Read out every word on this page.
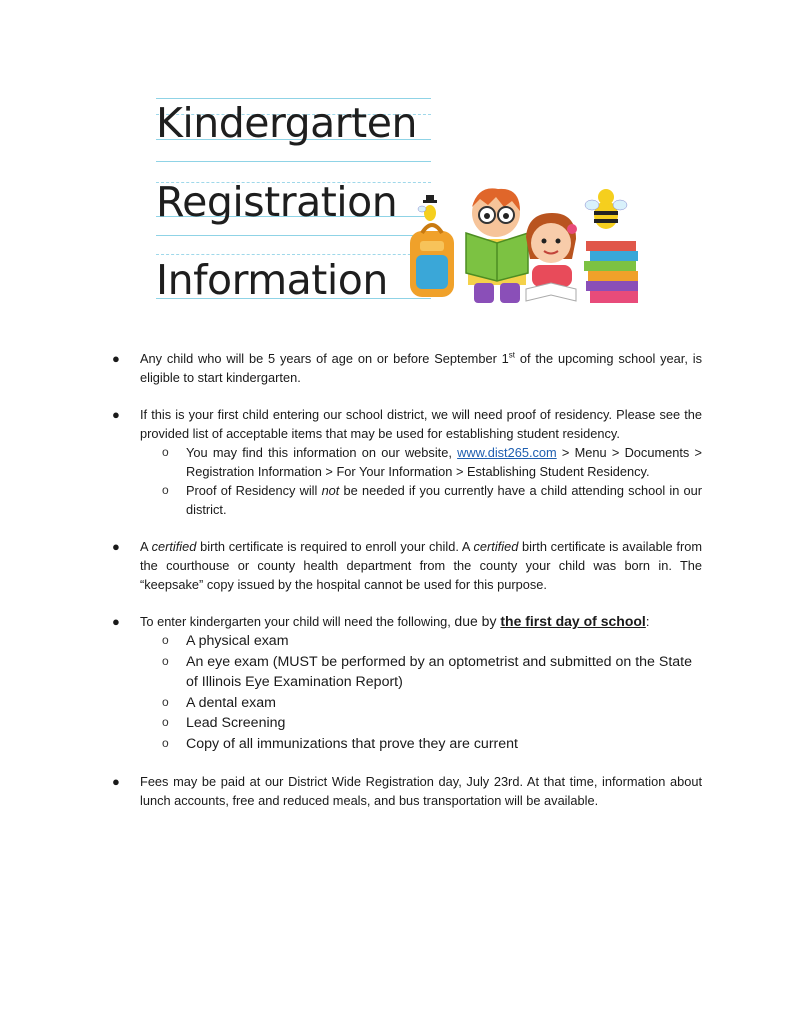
Kindergarten
Registration
Information
● Any child who will be 5 years of age on or before September 1st of the upcoming school year, is eligible to start kindergarten.

● If this is your first child entering our school district, we will need proof of residency. Please see the provided list of acceptable items that may be used for establishing student residency.

o You may find this information on our website, www.dist265.com > Menu > Documents > Registration Information > For Your Information > Establishing Student Residency.
o Proof of Residency will not be needed if you currently have a child attending school in our district.
● A certified birth certificate is required to enroll your child. A certified birth certificate is available from the courthouse or county health department from the county your child was born in. The “keepsake” copy issued by the hospital cannot be used for this purpose.

● To enter kindergarten your child will need the following, due by the first day of school:

o A physical exam
o An eye exam (MUST be performed by an optometrist and submitted on the State of Illinois Eye Examination Report)
o A dental exam
o Lead Screening
o Copy of all immunizations that prove they are current
● Fees may be paid at our District Wide Registration day, July 23rd. At that time, information about lunch accounts, free and reduced meals, and bus transportation will be available.
